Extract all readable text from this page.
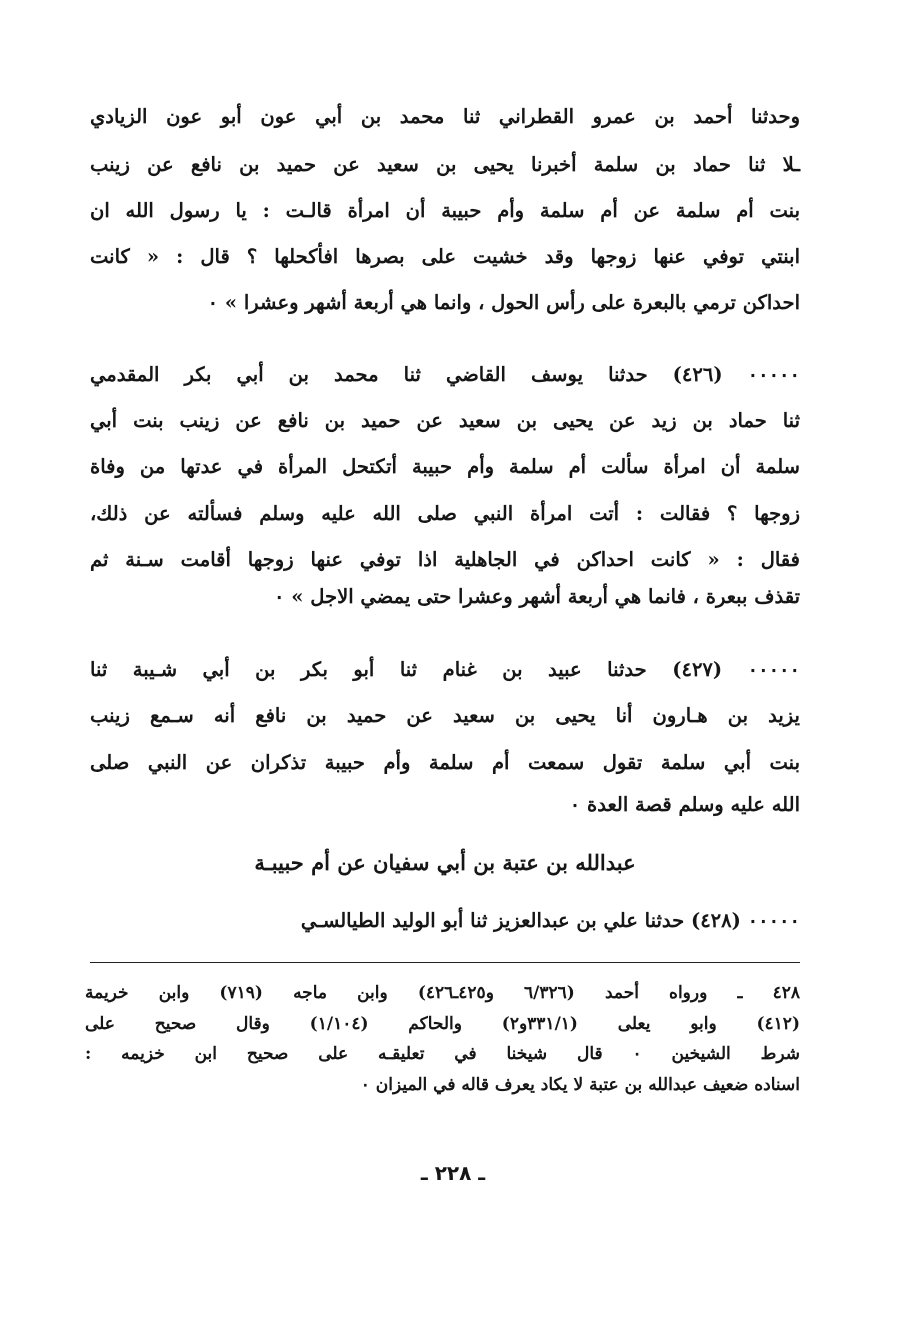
وحدثنا أحمد بن عمرو القطراني ثنا محمد بن أبي عون أبو عون الزيادي
ـلا ثنا حماد بن سلمة أخبرنا يحيى بن سعيد عن حميد بن نافع عن زينب
بنت أم سلمة عن أم سلمة وأم حبيبة أن امرأة قالـت : يا رسول الله ان
ابنتي توفي عنها زوجها وقد خشيت على بصرها افأكحلها ؟ قال : « كانت
احداكن ترمي بالبعرة على رأس الحول ، وانما هي أربعة أشهر وعشرا » ٠
٠٠٠٠٠ (٤٢٦) حدثنا يوسف القاضي ثنا محمد بن أبي بكر المقدمي
ثنا حماد بن زيد عن يحيى بن سعيد عن حميد بن نافع عن زينب بنت أبي
سلمة أن امرأة سألت أم سلمة وأم حبيبة أتكتحل المرأة في عدتها من وفاة
زوجها ؟ فقالت : أتت امرأة النبي صلى الله عليه وسلم فسألته عن ذلك،
فقال : « كانت احداكن في الجاهلية اذا توفي عنها زوجها أقامت سـنة ثم
تقذف ببعرة ، فانما هي أربعة أشهر وعشرا حتى يمضي الاجل » ٠
٠٠٠٠٠ (٤٢٧) حدثنا عبيد بن غنام ثنا أبو بكر بن أبي شـيبة ثنا
يزيد بن هـارون أنا يحيى بن سعيد عن حميد بن نافع أنه سـمع زينب
بنت أبي سلمة تقول سمعت أم سلمة وأم حبيبة تذكران عن النبي صلى
الله عليه وسلم قصة العدة ٠
عبدالله بن عتبة بن أبي سفيان عن أم حبيبـة
٠٠٠٠٠ (٤٢٨) حدثنا علي بن عبدالعزيز ثنا أبو الوليد الطيالسـي
٤٢٨ ـ ورواه أحمد (٦/٣٢٦ و٤٢٥ـ٤٢٦) وابن ماجه (٧١٩) وابن خريمة
(٤١٢) وابو يعلى (٣٣١/١و٢) والحاكم (١/١٠٤) وقال صحيح على
شرط الشيخين ٠ قال شيخنا في تعليقـه على صحيح ابن خزيمه :
اسناده ضعيف عبدالله بن عتبة لا يكاد يعرف قاله في الميزان ٠
ـ ٢٢٨ ـ
